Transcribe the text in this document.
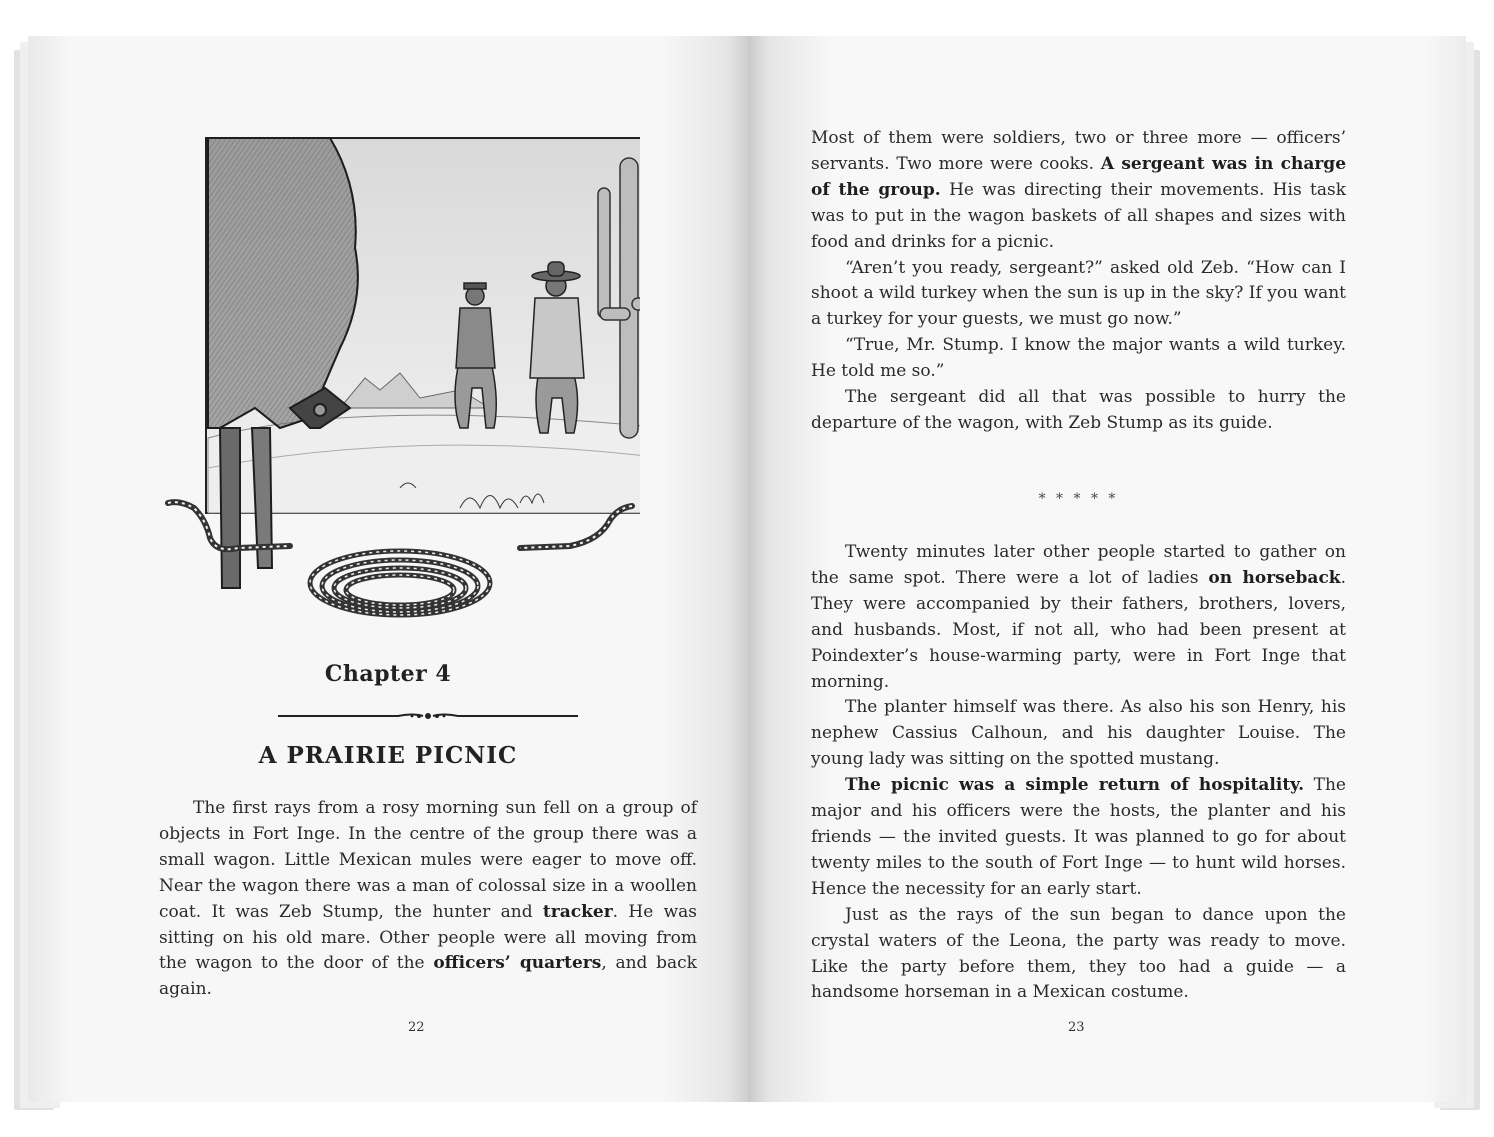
Chapter 4
A PRAIRIE PICNIC

The first rays from a rosy morning sun fell on a group of objects in Fort Inge. In the centre of the group there was a small wagon. Little Mexican mules were eager to move off. Near the wagon there was a man of colossal size in a woollen coat. It was Zeb Stump, the hunter and tracker. He was sitting on his old mare. Other people were all moving from the wagon to the door of the officers’ quarters, and back again.

22

Most of them were soldiers, two or three more — officers’ servants. Two more were cooks. A sergeant was in charge of the group. He was directing their movements. His task was to put in the wagon baskets of all shapes and sizes with food and drinks for a picnic.

“Aren’t you ready, sergeant?” asked old Zeb. “How can I shoot a wild turkey when the sun is up in the sky? If you want a turkey for your guests, we must go now.”

“True, Mr. Stump. I know the major wants a wild turkey. He told me so.”

The sergeant did all that was possible to hurry the departure of the wagon, with Zeb Stump as its guide.

* * * * *

Twenty minutes later other people started to gather on the same spot. There were a lot of ladies on horseback. They were accompanied by their fathers, brothers, lovers, and husbands. Most, if not all, who had been present at Poindexter’s house-warming party, were in Fort Inge that morning.

The planter himself was there. As also his son Henry, his nephew Cassius Calhoun, and his daughter Louise. The young lady was sitting on the spotted mustang.

The picnic was a simple return of hospitality. The major and his officers were the hosts, the planter and his friends — the invited guests. It was planned to go for about twenty miles to the south of Fort Inge — to hunt wild horses. Hence the necessity for an early start.

Just as the rays of the sun began to dance upon the crystal waters of the Leona, the party was ready to move. Like the party before them, they too had a guide — a handsome horseman in a Mexican costume.

23
